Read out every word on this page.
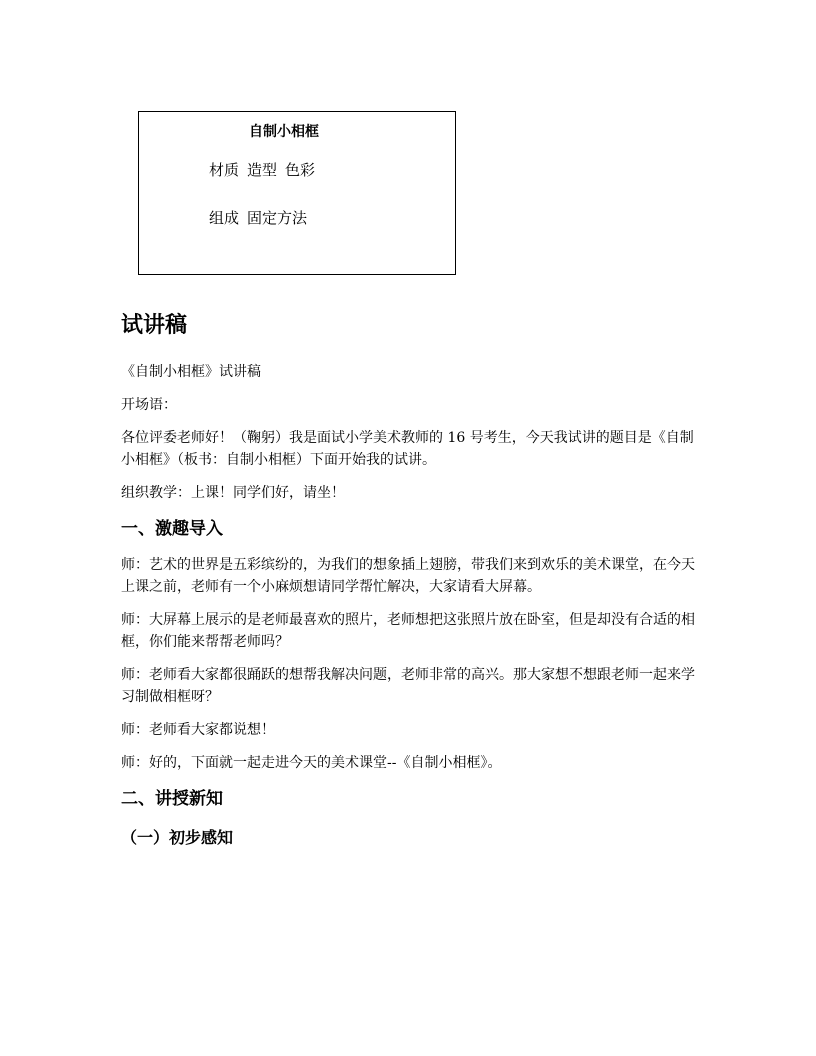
自制小相框
材质 造型 色彩
组成 固定方法
试讲稿
《自制小相框》试讲稿
开场语：
各位评委老师好！（鞠躬）我是面试小学美术教师的 16 号考生，今天我试讲的题目是《自制小相框》（板书：自制小相框）下面开始我的试讲。
组织教学：上课！同学们好，请坐！
一、激趣导入
师：艺术的世界是五彩缤纷的，为我们的想象插上翅膀，带我们来到欢乐的美术课堂，在今天上课之前，老师有一个小麻烦想请同学帮忙解决，大家请看大屏幕。
师：大屏幕上展示的是老师最喜欢的照片，老师想把这张照片放在卧室，但是却没有合适的相框，你们能来帮帮老师吗？
师：老师看大家都很踊跃的想帮我解决问题，老师非常的高兴。那大家想不想跟老师一起来学习制做相框呀？
师：老师看大家都说想！
师：好的，下面就一起走进今天的美术课堂--《自制小相框》。
二、讲授新知
（一）初步感知
